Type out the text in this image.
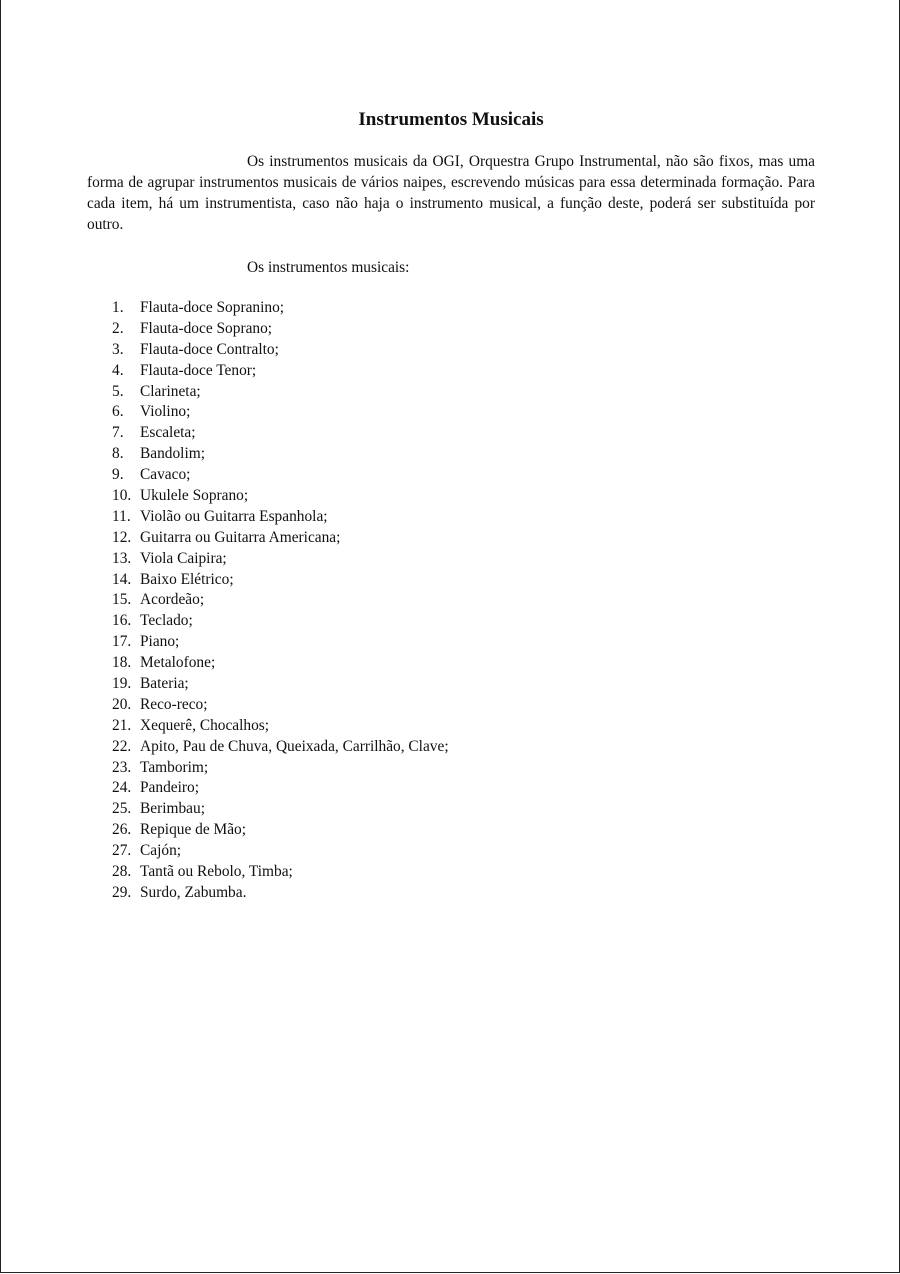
Instrumentos Musicais

Os instrumentos musicais da OGI, Orquestra Grupo Instrumental, não são fixos, mas uma forma de agrupar instrumentos musicais de vários naipes, escrevendo músicas para essa determinada formação. Para cada item, há um instrumentista, caso não haja o instrumento musical, a função deste, poderá ser substituída por outro.

Os instrumentos musicais:

1.	Flauta-doce Sopranino;
2.	Flauta-doce Soprano;
3.	Flauta-doce Contralto;
4.	Flauta-doce Tenor;
5.	Clarineta;
6.	Violino;
7.	Escaleta;
8.	Bandolim;
9.	Cavaco;
10. Ukulele Soprano;
11. Violão ou Guitarra Espanhola;
12. Guitarra ou Guitarra Americana;
13. Viola Caipira;
14. Baixo Elétrico;
15. Acordeão;
16. Teclado;
17. Piano;
18. Metalofone;
19. Bateria;
20. Reco-reco;
21. Xequerê, Chocalhos;
22. Apito, Pau de Chuva, Queixada, Carrilhão, Clave;
23. Tamborim;
24. Pandeiro;
25. Berimbau;
26. Repique de Mão;
27. Cajón;
28. Tantã ou Rebolo, Timba;
29. Surdo, Zabumba.
